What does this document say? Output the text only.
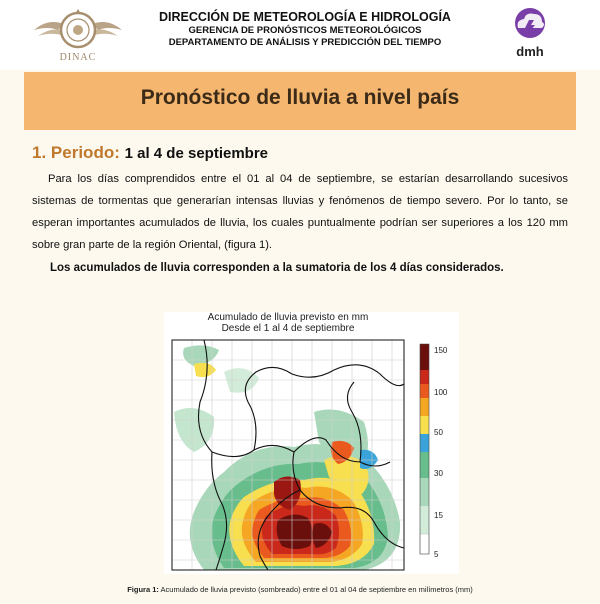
DINAC
DIRECCIÓN DE METEOROLOGÍA E HIDROLOGÍA
GERENCIA DE PRONÓSTICOS METEOROLÓGICOS
DEPARTAMENTO DE ANÁLISIS Y PREDICCIÓN DEL TIEMPO
dmh
Pronóstico de lluvia a nivel país
1. Periodo: 1 al 4 de septiembre
Para los días comprendidos entre el 01 al 04 de septiembre, se estarían desarrollando sucesivos sistemas de tormentas que generarían intensas lluvias y fenómenos de tiempo severo. Por lo tanto, se esperan importantes acumulados de lluvia, los cuales puntualmente podrían ser superiores a los 120 mm sobre gran parte de la región Oriental, (figura 1).
Los acumulados de lluvia corresponden a la sumatoria de los 4 días considerados.
Acumulado de lluvia previsto en mm
Desde el 1 al 4 de septiembre
150
100
50
30
15
5
Figura 1: Acumulado de lluvia previsto (sombreado) entre el 01 al 04 de septiembre en milímetros (mm)
